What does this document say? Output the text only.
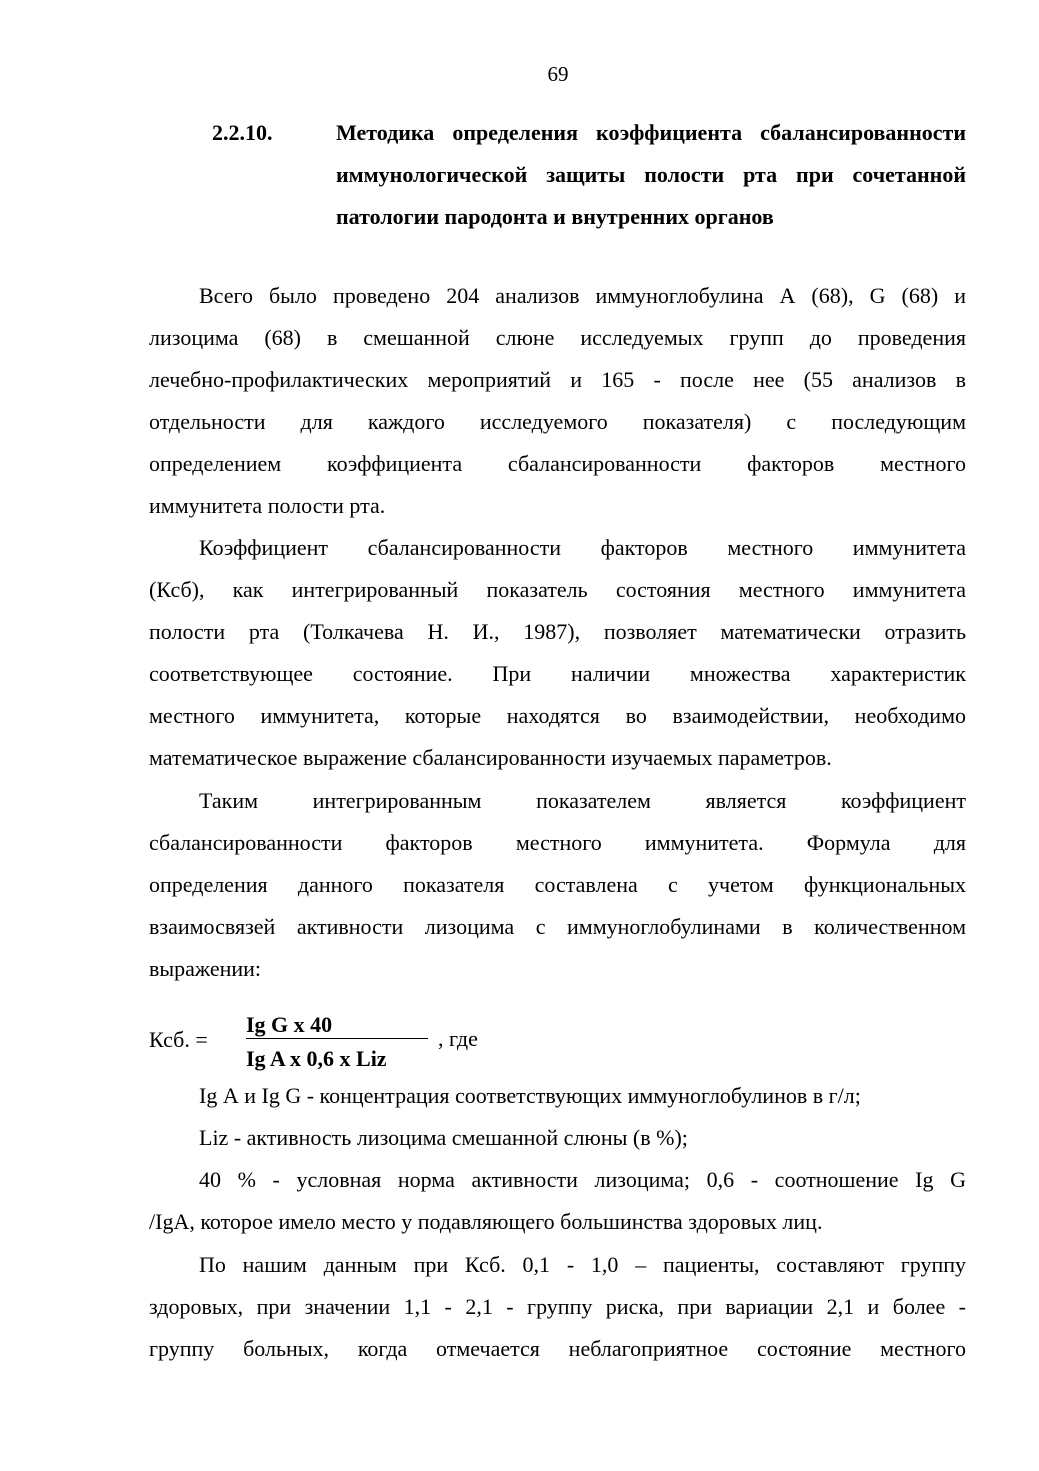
69
2.2.10.	Методика определения коэффициента сбалансированности иммунологической защиты полости рта при сочетанной патологии пародонта и внутренних органов
Всего было проведено 204 анализов иммуноглобулина А (68), G (68) и
лизоцима (68) в смешанной слюне исследуемых групп до проведения
лечебно-профилактических мероприятий и 165 - после нее (55 анализов в
отдельности для каждого исследуемого показателя) с последующим
определением коэффициента сбалансированности факторов местного
иммунитета полости рта.
Коэффициент сбалансированности факторов местного иммунитета
(Ксб), как интегрированный показатель состояния местного иммунитета
полости рта (Толкачева Н. И., 1987), позволяет математически отразить
соответствующее состояние. При наличии множества характеристик
местного иммунитета, которые находятся во взаимодействии, необходимо
математическое выражение сбалансированности изучаемых параметров.
Таким интегрированным показателем является коэффициент
сбалансированности факторов местного иммунитета. Формула для
определения данного показателя составлена с учетом функциональных
взаимосвязей активности лизоцима с иммуноглобулинами в количественном
выражении:
Ксб. =
Ig G x 40
Ig A x 0,6 x Liz
, где
Ig А и Ig G - концентрация соответствующих иммуноглобулинов в г/л;
Liz - активность лизоцима смешанной слюны (в %);
40 % - условная норма активности лизоцима; 0,6 - соотношение Ig G
/IgA, которое имело место у подавляющего большинства здоровых лиц.
По нашим данным при Ксб. 0,1 - 1,0 – пациенты, составляют группу
здоровых, при значении 1,1 - 2,1 - группу риска, при вариации 2,1 и более -
группу больных, когда отмечается неблагоприятное состояние местного
